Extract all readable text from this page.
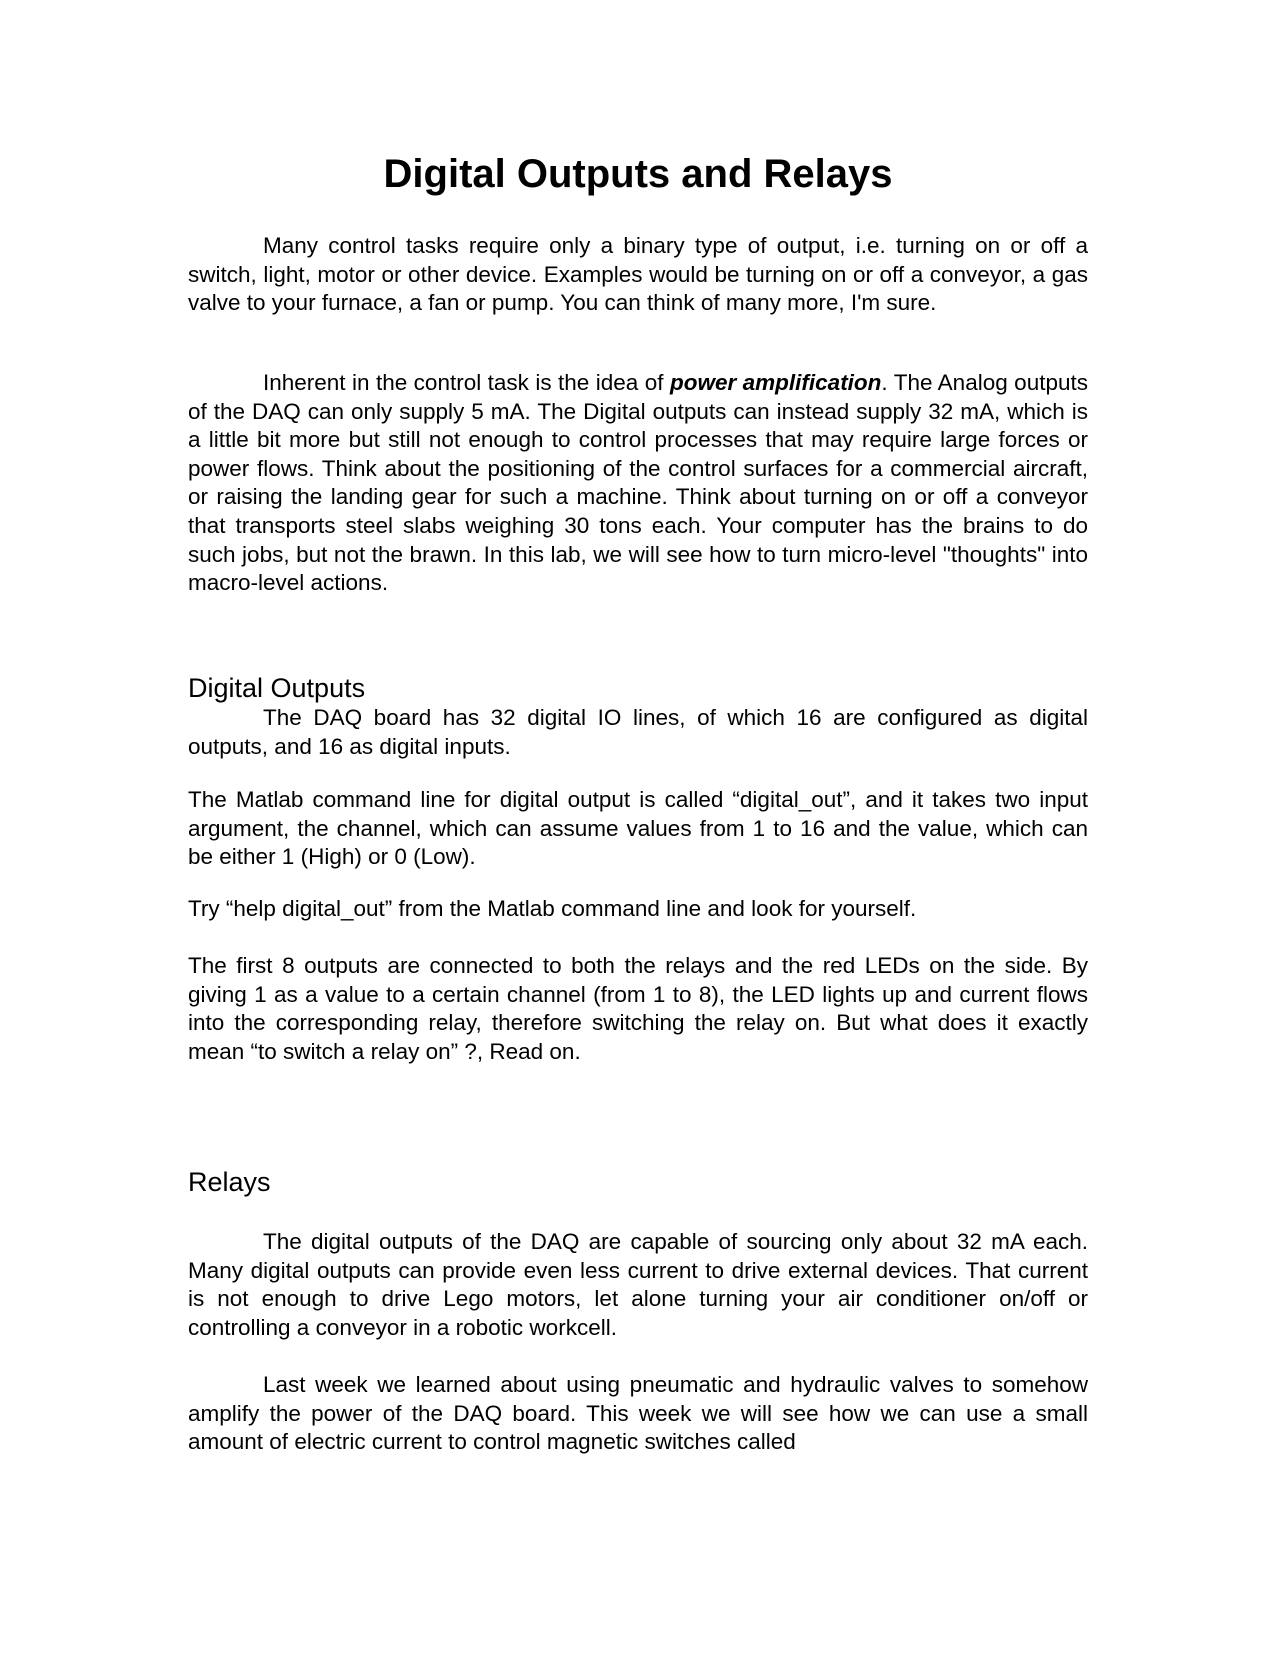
Digital Outputs and Relays

Many control tasks require only a binary type of output, i.e. turning on or off a switch, light, motor or other device. Examples would be turning on or off a conveyor, a gas valve to your furnace, a fan or pump. You can think of many more, I'm sure.

Inherent in the control task is the idea of power amplification. The Analog outputs of the DAQ can only supply 5 mA. The Digital outputs can instead supply 32 mA, which is a little bit more but still not enough to control processes that may require large forces or power flows. Think about the positioning of the control surfaces for a commercial aircraft, or raising the landing gear for such a machine. Think about turning on or off a conveyor that transports steel slabs weighing 30 tons each. Your computer has the brains to do such jobs, but not the brawn. In this lab, we will see how to turn micro-level "thoughts" into macro-level actions.

Digital Outputs

The DAQ board has 32 digital IO lines, of which 16 are configured as digital outputs, and 16 as digital inputs.

The Matlab command line for digital output is called “digital_out”, and it takes two input argument, the channel, which can assume values from 1 to 16 and the value, which can be either 1 (High) or 0 (Low).

Try “help digital_out” from the Matlab command line and look for yourself.

The first 8 outputs are connected to both the relays and the red LEDs on the side. By giving 1 as a value to a certain channel (from 1 to 8), the LED lights up and current flows into the corresponding relay, therefore switching the relay on. But what does it exactly mean “to switch a relay on” ?, Read on.

Relays

The digital outputs of the DAQ are capable of sourcing only about 32 mA each. Many digital outputs can provide even less current to drive external devices. That current is not enough to drive Lego motors, let alone turning your air conditioner on/off or controlling a conveyor in a robotic workcell.

Last week we learned about using pneumatic and hydraulic valves to somehow amplify the power of the DAQ board. This week we will see how we can use a small amount of electric current to control magnetic switches called
